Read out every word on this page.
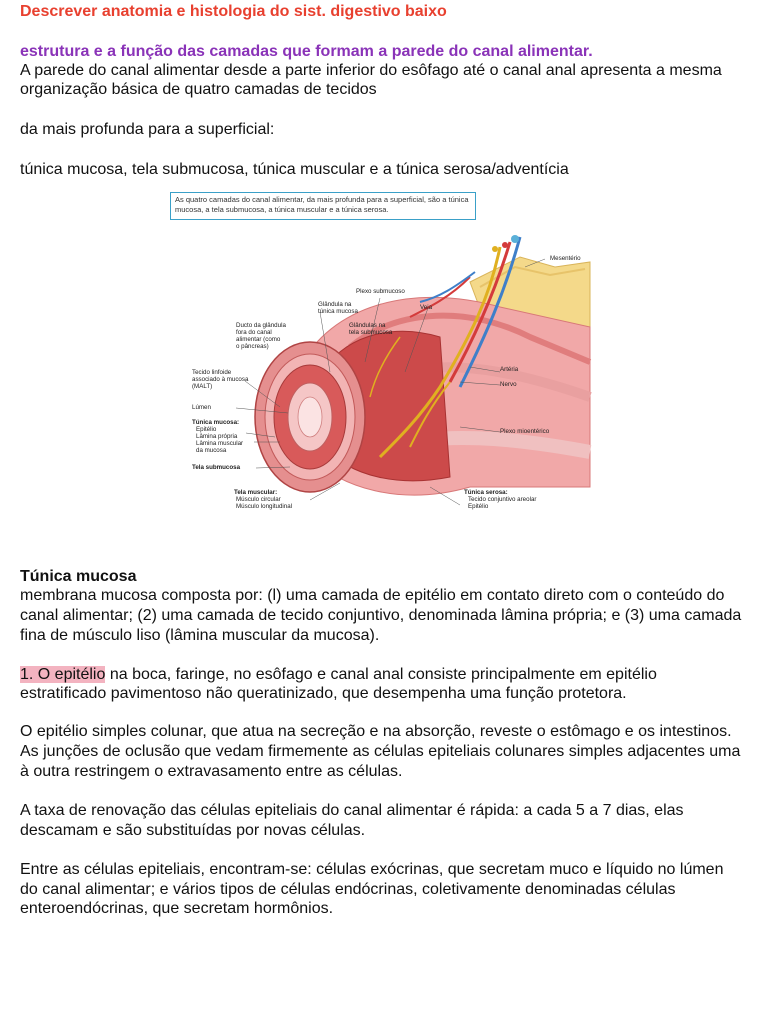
Descrever anatomia e histologia do sist. digestivo baixo
estrutura e a função das camadas que formam a parede do canal alimentar.
A parede do canal alimentar desde a parte inferior do esôfago até o canal anal apresenta a mesma
organização básica de quatro camadas de tecidos
da mais profunda para a superficial:
túnica mucosa, tela submucosa, túnica muscular e a túnica serosa/adventícia
As quatro camadas do canal alimentar, da mais profunda para a superficial, são a túnica mucosa, a tela submucosa, a túnica muscular e a túnica serosa.
Mesentério
Plexo submucoso
Glândula na
túnica mucosa
Veia
Ducto da glândula
fora do canal
alimentar (como
o pâncreas)
Glândulas na
tela submucosa
Artéria
Tecido linfoide
associado à mucosa
(MALT)	Nervo
Lúmen
Túnica mucosa:
Epitélio
Lâmina própria
Lâmina muscular
da mucosa
Plexo mioentérico
Tela submucosa
Tela muscular:
Músculo circular
Músculo longitudinal
Túnica serosa:
Tecido conjuntivo areolar
Epitélio
Túnica mucosa
membrana mucosa composta por: (l) uma camada de epitélio em contato direto com o conteúdo do
canal alimentar; (2) uma camada de tecido conjuntivo, denominada lâmina própria; e (3) uma camada
fina de músculo liso (lâmina muscular da mucosa).
1. O epitélio na boca, faringe, no esôfago e canal anal consiste principalmente em epitélio
estratificado pavimentoso não queratinizado, que desempenha uma função protetora.
O epitélio simples colunar, que atua na secreção e na absorção, reveste o estômago e os intestinos.
As junções de oclusão que vedam firmemente as células epiteliais colunares simples adjacentes uma
à outra restringem o extravasamento entre as células.
A taxa de renovação das células epiteliais do canal alimentar é rápida: a cada 5 a 7 dias, elas
descamam e são substituídas por novas células.
Entre as células epiteliais, encontram-se: células exócrinas, que secretam muco e líquido no lúmen
do canal alimentar; e vários tipos de células endócrinas, coletivamente denominadas células
enteroendócrinas, que secretam hormônios.
